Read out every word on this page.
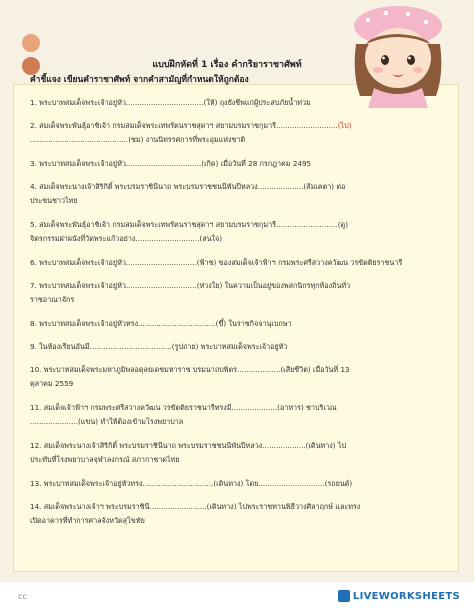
แบบฝึกหัดที่ 1 เรื่อง คำกริยาราชาศัพท์
คำชี้แจง เขียนคำราชาศัพท์ จากคำสามัญที่กำหนดให้ถูกต้อง
1. พระบาทสมเด็จพระเจ้าอยู่หัว..................................(ให้) ถุงยังชีพแก่ผู้ประสบภัยน้ำท่วม
2. สมเด็จพระพันธุ์อาชิเจ้า กรมสมเด็จพระเทพรัตนราชสุดาฯ สยามบรมราชกุมารี...........................(ไป)
...........................................(ชม) งานนิทรรศการที่พระอุมแห่งชาติ
3. พระบาทสมเด็จพระเจ้าอยู่หัว.................................(เกิด) เมื่อวันที่ 28 กรกฎาคม 2495
4. สมเด็จพระนางเจ้าสิริกิติ์ พระบรมราชินีนาถ พระบรมราชชนนีพันปีหลวง....................(ส้มเคตา) ต่อ
ประชนชาวไทย
5. สมเด็จพระพันธุ์อาชิเจ้า กรมสมเด็จพระเทพรัตนราชสุดาฯ สยามบรมราชกุมารี...........................(ดู)
จิตรกรรมฝาผนังที่วัดพระแก้วอย่าง............................(สนใจ)
6. พระบาทสมเด็จพระเจ้าอยู่หัว...............................(ฟ้าช) ของสมเด็จเจ้าฟ้าฯ กรมพระศรีสวางควัฒน วรขัตติยราชนารี
7. พระบาทสมเด็จพระเจ้าอยู่หัว...............................(ห่วงใย) ในความเป็นอยู่ของพสกนิกรทุกท้องถิ่นทั่ว
ราชอาณาจักร
8. พระบาทสมเด็จพระเจ้าอยู่หัวทรง..................................(ขึ้) ในราชกิจจานุเบกษา
9. ในห้องเรียนอันมี....................................(รูปถ่าย) พระบาทสมเด็จพระเจ้าอยู่หัว
10. พระบาทสมเด็จพระมหาภูมิพลอดุลยเดชมหาราช บรมนาถบพิตร...................(เสียชีวิต) เมื่อวันที่ 13
ตุลาคม 2559
11. สมเด็จเจ้าฟ้าฯ กรมพระศรีสวางควัฒน วรขัตติยราชนารีทรงมี....................(อาหาร) ชาบริเวณ
.....................(แขน) ทำให้ต้องเข้ามโรงพยาบาล
12. สมเด็จพระนางเจ้าสิริกิติ์ พระบรมราชินีนาถ พระบรมราชชนนีพันปีหลวง...................(เดินทาง) ไป
ประทับที่โรงพยาบาลจุฬาลงกรณ์ สภากาชาดไทย
13. พระบาทสมเด็จพระเจ้าอยู่หัวทรง...............................(เดินทาง) โดย.............................(รถยนต์)
14. สมเด็จพระนางเจ้าฯ พระบรมราชินี.........................(เดินทาง) ไปพระราชทานพิธีวางศิลาฤกษ์ และทรง
เปิดอาคารที่ทำการศาลจังหวัดสุโขทัย
cc	LIVEWORKSHEETS
